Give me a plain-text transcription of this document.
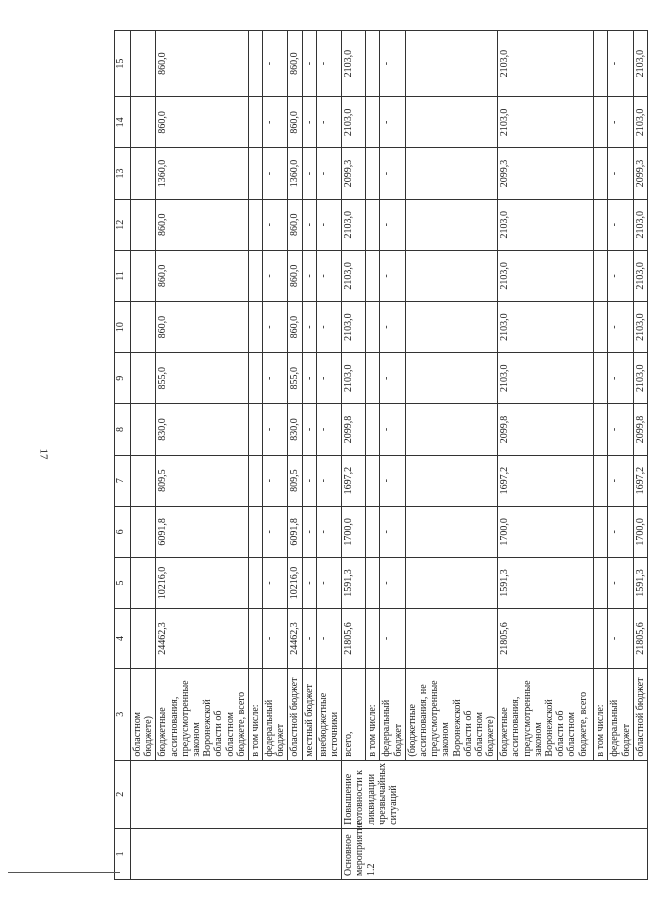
17
1	2	3	4	5	6	7	8	9	10	11	12	13	14	15
		областном бюджете)												
		бюджетные ассигнования, предусмотренные законом Воронежской области об областном бюджете, всего	24462,3	10216,0	6091,8	809,5	830,0	855,0	860,0	860,0	860,0	1360,0	860,0	860,0
		в том числе:												
		федеральный бюджет	-	-	-	-	-	-	-	-	-	-	-	-
		областной бюджет	24462,3	10216,0	6091,8	809,5	830,0	855,0	860,0	860,0	860,0	1360,0	860,0	860,0
		местный бюджет	-	-	-	-	-	-	-	-	-	-	-	-
		внебюджетные источники	-	-	-	-	-	-	-	-	-	-	-	-
Основное мероприятие 1.2	Повышение готовности к ликвидации чрезвычайных ситуаций	всего,	21805,6	1591,3	1700,0	1697,2	2099,8	2103,0	2103,0	2103,0	2103,0	2099,3	2103,0	2103,0
		в том числе:												
		федеральный бюджет	-	-	-	-	-	-	-	-	-	-	-	-
		(бюджетные ассигнования, не предусмотренные законом Воронежской области об областном бюджете)												
		бюджетные ассигнования, предусмотренные законом Воронежской области об областном бюджете, всего	21805,6	1591,3	1700,0	1697,2	2099,8	2103,0	2103,0	2103,0	2103,0	2099,3	2103,0	2103,0
		в том числе:												
		федеральный бюджет	-	-	-	-	-	-	-	-	-	-	-	-
		областной бюджет	21805,6	1591,3	1700,0	1697,2	2099,8	2103,0	2103,0	2103,0	2103,0	2099,3	2103,0	2103,0
